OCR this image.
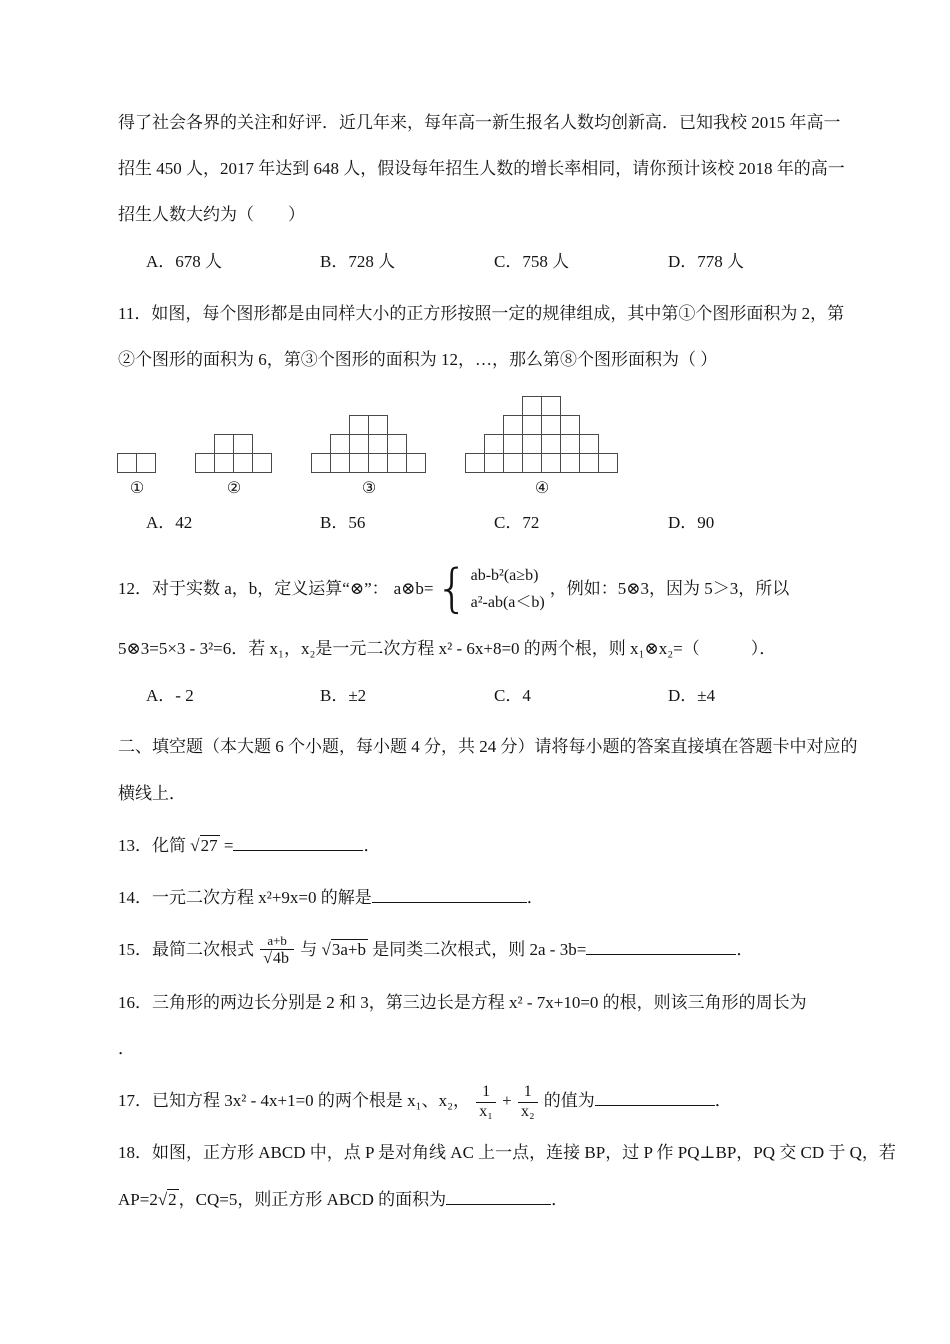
得了社会各界的关注和好评．近几年来，每年高一新生报名人数均创新高．已知我校 2015 年高一

招生 450 人，2017 年达到 648 人，假设每年招生人数的增长率相同，请你预计该校 2018 年的高一

招生人数大约为（　　）

A．678 人	B．728 人	C．758 人	D．778 人

11．如图，每个图形都是由同样大小的正方形按照一定的规律组成，其中第①个图形面积为 2，第

②个图形的面积为 6，第③个图形的面积为 12，…，那么第⑧个图形面积为（ ）

①	②	③	④
A．42	B．56	C．72	D．90
12．对于实数 a，b，定义运算“⊗”： a⊗b= { ab-b²(a≥b)
a²-ab(a＜b)
，例如：5⊗3，因为 5＞3，所以

5⊗3=5×3 - 3²=6．若 x₁，x₂是一元二次方程 x² - 6x+8=0 的两个根，则 x₁⊗x₂=（　　　）．

A．- 2	B．±2	C．4	D．±4

二、填空题（本大题 6 个小题，每小题 4 分，共 24 分）请将每小题的答案直接填在答题卡中对应的

横线上．

13．化简 √27 =	．

14．一元二次方程 x²+9x=0 的解是	．

15．最简二次根式 $\frac{a+b}{√4b}$ 与 √3a+b 是同类二次根式，则 2a - 3b=	．

16．三角形的两边长分别是 2 和 3，第三边长是方程 x² - 7x+10=0 的根，则该三角形的周长为

．

17．已知方程 3x² - 4x+1=0 的两个根是 x₁、x₂， $\frac{1}{\text{x₁}} + \frac{1}{\text{x₂}}$ 的值为	．

18．如图，正方形 ABCD 中，点 P 是对角线 AC 上一点，连接 BP，过 P 作 PQ⊥BP，PQ 交 CD 于 Q，若

AP=2√2 ，CQ=5，则正方形 ABCD 的面积为	．
